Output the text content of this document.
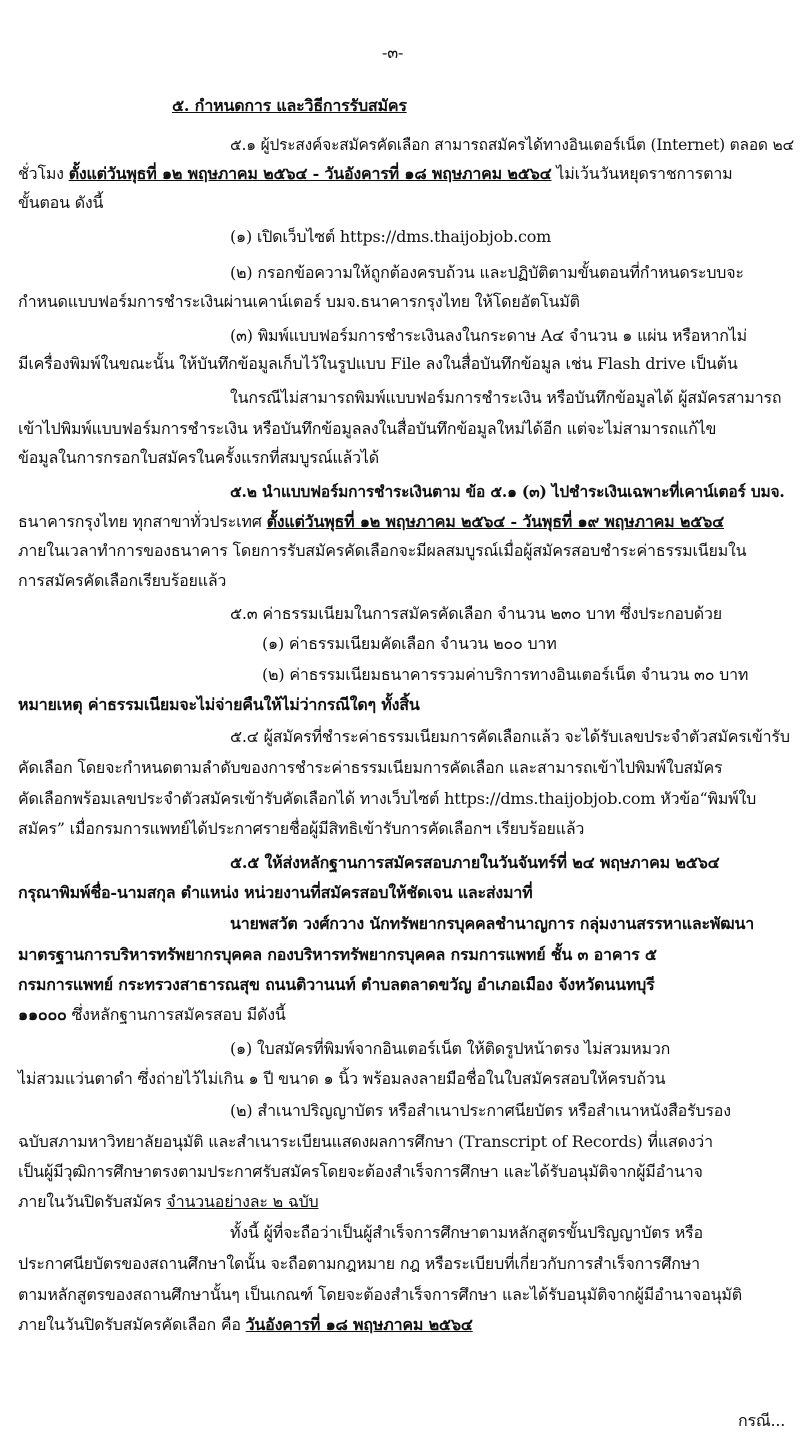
-๓-
๕. กำหนดการ และวิธีการรับสมัคร
๕.๑ ผู้ประสงค์จะสมัครคัดเลือก สามารถสมัครได้ทางอินเตอร์เน็ต (Internet) ตลอด ๒๔
ชั่วโมง ตั้งแต่วันพุธที่ ๑๒ พฤษภาคม ๒๕๖๔ - วันอังคารที่ ๑๘ พฤษภาคม ๒๕๖๔ ไม่เว้นวันหยุดราชการตาม
ขั้นตอน ดังนี้
(๑) เปิดเว็บไซต์ https://dms.thaijobjob.com
(๒) กรอกข้อความให้ถูกต้องครบถ้วน และปฏิบัติตามขั้นตอนที่กำหนดระบบจะ
กำหนดแบบฟอร์มการชำระเงินผ่านเคาน์เตอร์ บมจ.ธนาคารกรุงไทย ให้โดยอัตโนมัติ
(๓) พิมพ์แบบฟอร์มการชำระเงินลงในกระดาษ A๔ จำนวน ๑ แผ่น หรือหากไม่
มีเครื่องพิมพ์ในขณะนั้น ให้บันทึกข้อมูลเก็บไว้ในรูปแบบ File ลงในสื่อบันทึกข้อมูล เช่น Flash drive เป็นต้น
ในกรณีไม่สามารถพิมพ์แบบฟอร์มการชำระเงิน หรือบันทึกข้อมูลได้ ผู้สมัครสามารถ
เข้าไปพิมพ์แบบฟอร์มการชำระเงิน หรือบันทึกข้อมูลลงในสื่อบันทึกข้อมูลใหม่ได้อีก แต่จะไม่สามารถแก้ไข
ข้อมูลในการกรอกใบสมัครในครั้งแรกที่สมบูรณ์แล้วได้
๕.๒ นำแบบฟอร์มการชำระเงินตาม ข้อ ๕.๑ (๓) ไปชำระเงินเฉพาะที่เคาน์เตอร์ บมจ.
ธนาคารกรุงไทย ทุกสาขาทั่วประเทศ ตั้งแต่วันพุธที่ ๑๒ พฤษภาคม ๒๕๖๔ - วันพุธที่ ๑๙ พฤษภาคม ๒๕๖๔
ภายในเวลาทำการของธนาคาร โดยการรับสมัครคัดเลือกจะมีผลสมบูรณ์เมื่อผู้สมัครสอบชำระค่าธรรมเนียมใน
การสมัครคัดเลือกเรียบร้อยแล้ว
๕.๓ ค่าธรรมเนียมในการสมัครคัดเลือก จำนวน ๒๓๐ บาท ซึ่งประกอบด้วย
(๑) ค่าธรรมเนียมคัดเลือก จำนวน ๒๐๐ บาท
(๒) ค่าธรรมเนียมธนาคารรวมค่าบริการทางอินเตอร์เน็ต จำนวน ๓๐ บาท
หมายเหตุ ค่าธรรมเนียมจะไม่จ่ายคืนให้ไม่ว่ากรณีใดๆ ทั้งสิ้น
๕.๔ ผู้สมัครที่ชำระค่าธรรมเนียมการคัดเลือกแล้ว จะได้รับเลขประจำตัวสมัครเข้ารับ
คัดเลือก โดยจะกำหนดตามลำดับของการชำระค่าธรรมเนียมการคัดเลือก และสามารถเข้าไปพิมพ์ใบสมัคร
คัดเลือกพร้อมเลขประจำตัวสมัครเข้ารับคัดเลือกได้ ทางเว็บไซต์ https://dms.thaijobjob.com หัวข้อ“พิมพ์ใบ
สมัคร” เมื่อกรมการแพทย์ได้ประกาศรายชื่อผู้มีสิทธิเข้ารับการคัดเลือกฯ เรียบร้อยแล้ว
๕.๕ ให้ส่งหลักฐานการสมัครสอบภายในวันจันทร์ที่ ๒๔ พฤษภาคม ๒๕๖๔
กรุณาพิมพ์ชื่อ-นามสกุล ตำแหน่ง หน่วยงานที่สมัครสอบให้ชัดเจน และส่งมาที่
นายพสวัต วงศ์กวาง นักทรัพยากรบุคคลชำนาญการ กลุ่มงานสรรหาและพัฒนา
มาตรฐานการบริหารทรัพยากรบุคคล กองบริหารทรัพยากรบุคคล กรมการแพทย์ ชั้น ๓ อาคาร ๕
กรมการแพทย์ กระทรวงสาธารณสุข ถนนติวานนท์ ตำบลตลาดขวัญ อำเภอเมือง จังหวัดนนทบุรี
๑๑๐๐๐ ซึ่งหลักฐานการสมัครสอบ มีดังนี้
(๑) ใบสมัครที่พิมพ์จากอินเตอร์เน็ต ให้ติดรูปหน้าตรง ไม่สวมหมวก
ไม่สวมแว่นตาดำ ซึ่งถ่ายไว้ไม่เกิน ๑ ปี ขนาด ๑ นิ้ว พร้อมลงลายมือชื่อในใบสมัครสอบให้ครบถ้วน
(๒) สำเนาปริญญาบัตร หรือสำเนาประกาศนียบัตร หรือสำเนาหนังสือรับรอง
ฉบับสภามหาวิทยาลัยอนุมัติ และสำเนาระเบียนแสดงผลการศึกษา (Transcript of Records) ที่แสดงว่า
เป็นผู้มีวุฒิการศึกษาตรงตามประกาศรับสมัครโดยจะต้องสำเร็จการศึกษา และได้รับอนุมัติจากผู้มีอำนาจ
ภายในวันปิดรับสมัคร จำนวนอย่างละ ๒ ฉบับ
ทั้งนี้ ผู้ที่จะถือว่าเป็นผู้สำเร็จการศึกษาตามหลักสูตรขั้นปริญญาบัตร หรือ
ประกาศนียบัตรของสถานศึกษาใดนั้น จะถือตามกฎหมาย กฎ หรือระเบียบที่เกี่ยวกับการสำเร็จการศึกษา
ตามหลักสูตรของสถานศึกษานั้นๆ เป็นเกณฑ์ โดยจะต้องสำเร็จการศึกษา และได้รับอนุมัติจากผู้มีอำนาจอนุมัติ
ภายในวันปิดรับสมัครคัดเลือก คือ วันอังคารที่ ๑๘ พฤษภาคม ๒๕๖๔
กรณี...
